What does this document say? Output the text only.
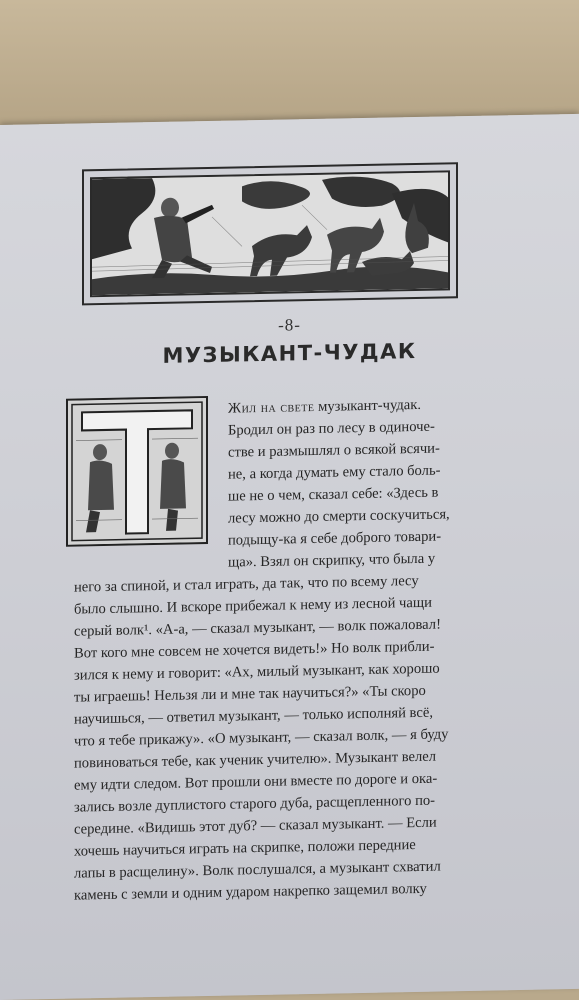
-8-
МУЗЫКАНТ-ЧУДАК
Жил на свете музыкант-чудак.
Бродил он раз по лесу в одиноче-
стве и размышлял о всякой всячи-
не, а когда думать ему стало боль-
ше не о чем, сказал себе: «Здесь в
лесу можно до смерти соскучиться,
подыщу-ка я себе доброго товари-
ща». Взял он скрипку, что была у
него за спиной, и стал играть, да так, что по всему лесу
было слышно. И вскоре прибежал к нему из лесной чащи
серый волк¹. «А-а, — сказал музыкант, — волк пожаловал!
Вот кого мне совсем не хочется видеть!» Но волк прибли-
зился к нему и говорит: «Ах, милый музыкант, как хорошо
ты играешь! Нельзя ли и мне так научиться?» «Ты скоро
научишься, — ответил музыкант, — только исполняй всё,
что я тебе прикажу». «О музыкант, — сказал волк, — я буду
повиноваться тебе, как ученик учителю». Музыкант велел
ему идти следом. Вот прошли они вместе по дороге и ока-
зались возле дуплистого старого дуба, расщепленного по-
середине. «Видишь этот дуб? — сказал музыкант. — Если
хочешь научиться играть на скрипке, положи передние
лапы в расщелину». Волк послушался, а музыкант схватил
камень с земли и одним ударом накрепко защемил волку
